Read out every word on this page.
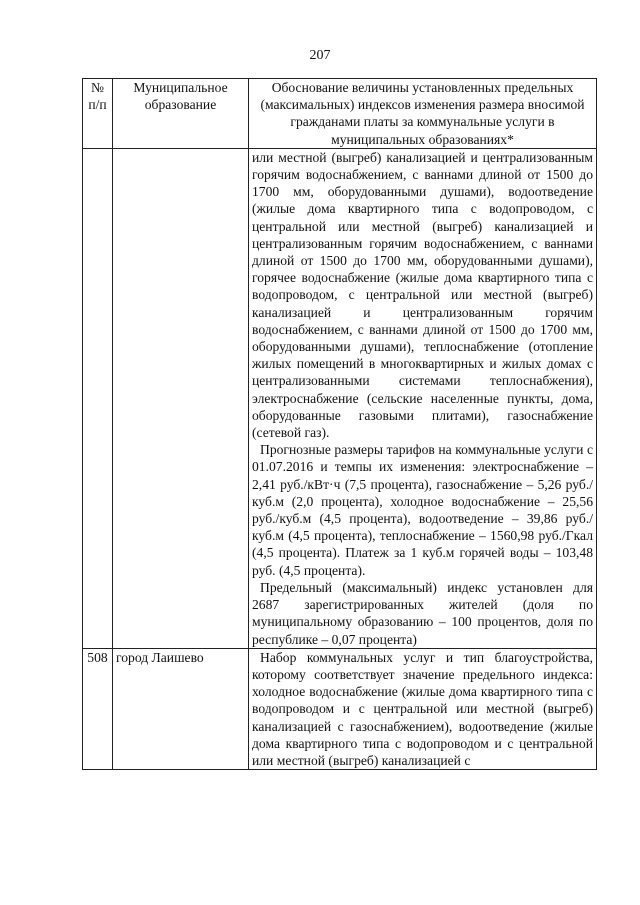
207
№ п/п	Муниципальное образование	Обоснование величины установленных предельных (максимальных) индексов изменения размера вносимой гражданами платы за коммунальные услуги в муниципальных образованиях*

		или местной (выгреб) канализацией и централизованным горячим водоснабжением, с ваннами длиной от 1500 до 1700 мм, оборудованными душами), водоотведение (жилые дома квартирного типа с водопроводом, с центральной или местной (выгреб) канализацией и централизованным горячим водоснабжением, с ваннами длиной от 1500 до 1700 мм, оборудованными душами), горячее водоснабжение (жилые дома квартирного типа с водопроводом, с центральной или местной (выгреб) канализацией и централизованным горячим водоснабжением, с ваннами длиной от 1500 до 1700 мм, оборудованными душами), теплоснабжение (отопление жилых помещений в многоквартирных и жилых домах с централизованными системами теплоснабжения), электроснабжение (сельские населенные пункты, дома, оборудованные газовыми плитами), газоснабжение (сетевой газ).

Прогнозные размеры тарифов на коммунальные услуги с 01.07.2016 и темпы их изменения: электроснабжение – 2,41 руб./кВт·ч (7,5 процента), газоснабжение – 5,26 руб./куб.м (2,0 процента), холодное водоснабжение – 25,56 руб./куб.м (4,5 процента), водоотведение – 39,86 руб./куб.м (4,5 процента), теплоснабжение – 1560,98 руб./Гкал (4,5 процента). Платеж за 1 куб.м горячей воды – 103,48 руб. (4,5 процента).

Предельный (максимальный) индекс установлен для 2687 зарегистрированных жителей (доля по муниципальному образованию – 100 процентов, доля по республике – 0,07 процента)

508	город Лаишево	Набор коммунальных услуг и тип благоустройства, которому соответствует значение предельного индекса: холодное водоснабжение (жилые дома квартирного типа с водопроводом и с центральной или местной (выгреб) канализацией с газоснабжением), водоотведение (жилые дома квартирного типа с водопроводом и с центральной или местной (выгреб) канализацией с
